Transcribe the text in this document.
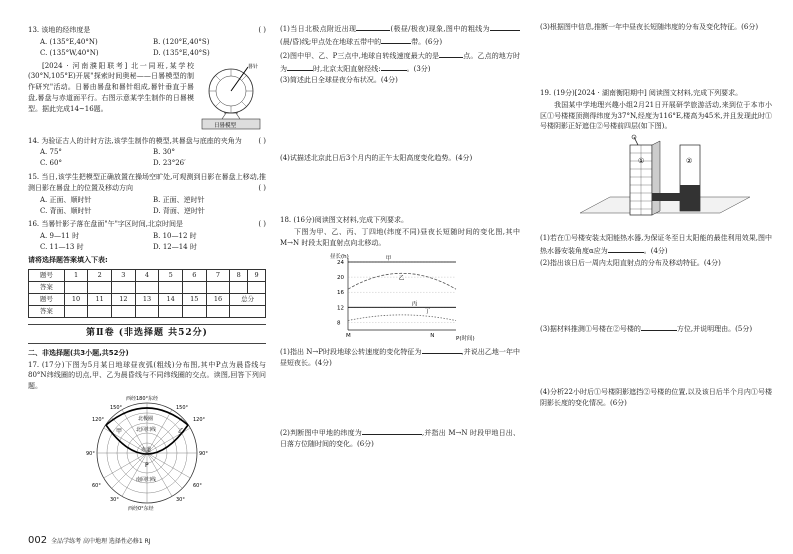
13. 该地的经纬度是	( )
A. (135°E,40°N)	B. (120°E,40°S)
C. (135°W,40°N)	D. (135°E,40°S)
[2024 · 河南濮阳联考] 北一同班,某学校(30°N,105°E)开展"探索时间奥秘——日晷模型的制作研究"活动。日晷由晷盘和晷针组成,晷针垂直于晷盘,晷盘与赤道面平行。右图示意某学生制作的日晷模型。据此完成14~16题。
晷针
日晷模型
14. 为验证古人的计时方法,该学生制作的模型,其晷盘与底座的夹角为 ( )
A. 75°	B. 30°
C. 60°	D. 23°26′
15. 当日,该学生把模型正确放置在操场空旷处,可观测到日影在晷盘上移动,推测日影在晷盘上的位置及移动方向	( )
A. 正面、顺时针	B. 正面、逆时针
C. 背面、顺时针	D. 背面、逆时针
16. 当晷针影子落在盘面"午"字区时间,北京时间是	( )
A. 9—11 时	B. 10—12 时
C. 11—13 时	D. 12—14 时
请将选择题答案填入下表:
题号	1	2	3	4	5	6	7	8	9
答案									
题号	10	11	12	13	14	15	16	总分	
答案									
第Ⅱ卷 (非选择题 共52分)
二、非选择题(共3小题,共52分)
17. (17分)下图为5月某日地球昼夜弧(粗线)分布图,其中P点为晨昏线与80°N纬线圈的切点,甲、乙为晨昏线与不同纬线圈的交点。读图,回答下列问题。
西经180°东经
西经0°东经
北极圈
北回归线
赤道
南回归线
150°	150°
120°	120°
90°	90°
60°	60°
30°	30°
P
甲	乙
(1)当日北极点附近出现	(极昼/极夜)现象,图中的粗线为(晨/昏)线;甲点处在地球五带中的	带。(6分)
(2)图中甲、乙、P三点中,地球自转线速度最大的是	点。乙点的地方时为	时,北京太阳直射经线:	。(3分)
(3)简述此日全球昼夜分布状况。(4分)
(4)试描述北京此日后3个月内的正午太阳高度变化趋势。(4分)
18. (16分)阅读图文材料,完成下列要求。
下图为甲、乙、丙、丁四地(纬度不同)昼夜长短随时间的变化图,其中 M→N 时段太阳直射点向北移动。
昼长(h)
8
12
16
20
24
M	N
甲
乙
丙
丁
P(时间)
(1)指出 N→P时段地球公转速度的变化特征为	,并说出乙地一年中昼短夜长。(4分)
(2)判断图中甲地的纬度为	,并指出 M→N 时段甲地日出、日落方位随时间的变化。(6分)
(3)根据图中信息,推断一年中昼夜长短随纬度的分布及变化特征。(6分)
19. (19分)[2024 · 湖南衡阳期中] 阅读图文材料,完成下列要求。
我国某中学地理兴趣小组2月21日开展研学旅游活动,来到位于本市小区①号楼楼顶测得纬度为37°N,经度为116°E,楼高为45米,并且发现此时①号楼阴影正好遮住②号楼前四层(如下图)。
①	②
(1)若在①号楼安装太阳能热水器,为保证冬至日太阳能的最佳利用效果,图中热水器安装角度α应为	。(4分)
(2)指出该日后一周内太阳直射点的分布及移动特征。(4分)
(3)据材料推测①号楼在②号楼的	方位,并说明理由。(5分)
(4)分析22小时后①号楼阴影遮挡②号楼的位置,以及该日后半个月内①号楼阴影长度的变化情况。(6分)
002 全品学练考 高中地理 选择性必修1 RJ
